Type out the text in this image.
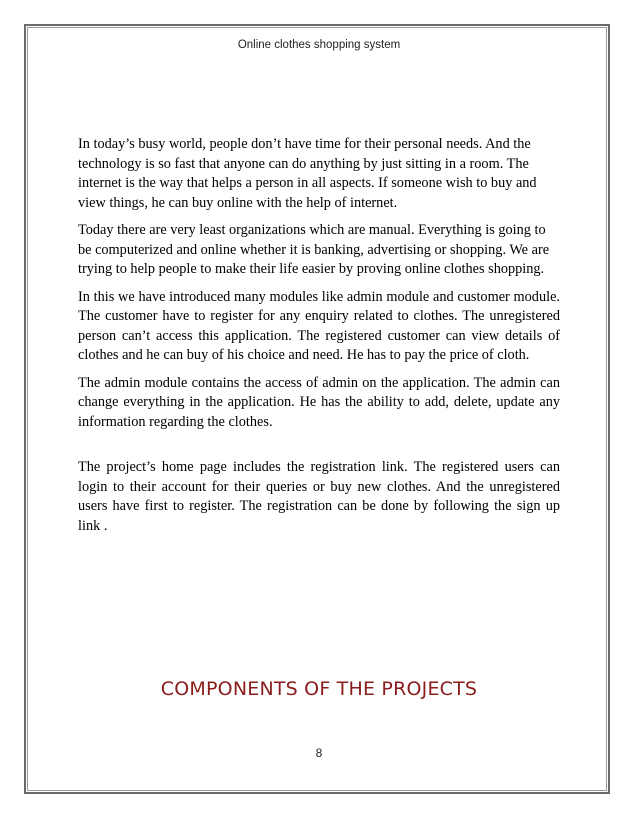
Online clothes shopping system

In today’s busy world, people don’t have time for their personal needs. And the technology is so fast that anyone can do anything by just sitting in a room. The internet is the way that helps a person in all aspects. If someone wish to buy and view things, he can buy online with the help of internet.

Today there are very least organizations which are manual. Everything is going to be computerized and online whether it is banking, advertising or shopping. We are trying to help people to make their life easier by proving online clothes shopping.

In this we have introduced many modules like admin module and customer module. The customer have to register for any enquiry related to clothes. The unregistered person can’t access this application. The registered customer can view details of clothes and he can buy of his choice and need. He has to pay the price of cloth.

The admin module contains the access of admin on the application. The admin can change everything in the application. He has the ability to add, delete, update any information regarding the clothes.

The project’s home page includes the registration link. The registered users can login to their account for their queries or buy new clothes. And the unregistered users have first to register. The registration can be done by following the sign up link .

COMPONENTS OF THE PROJECTS
8
